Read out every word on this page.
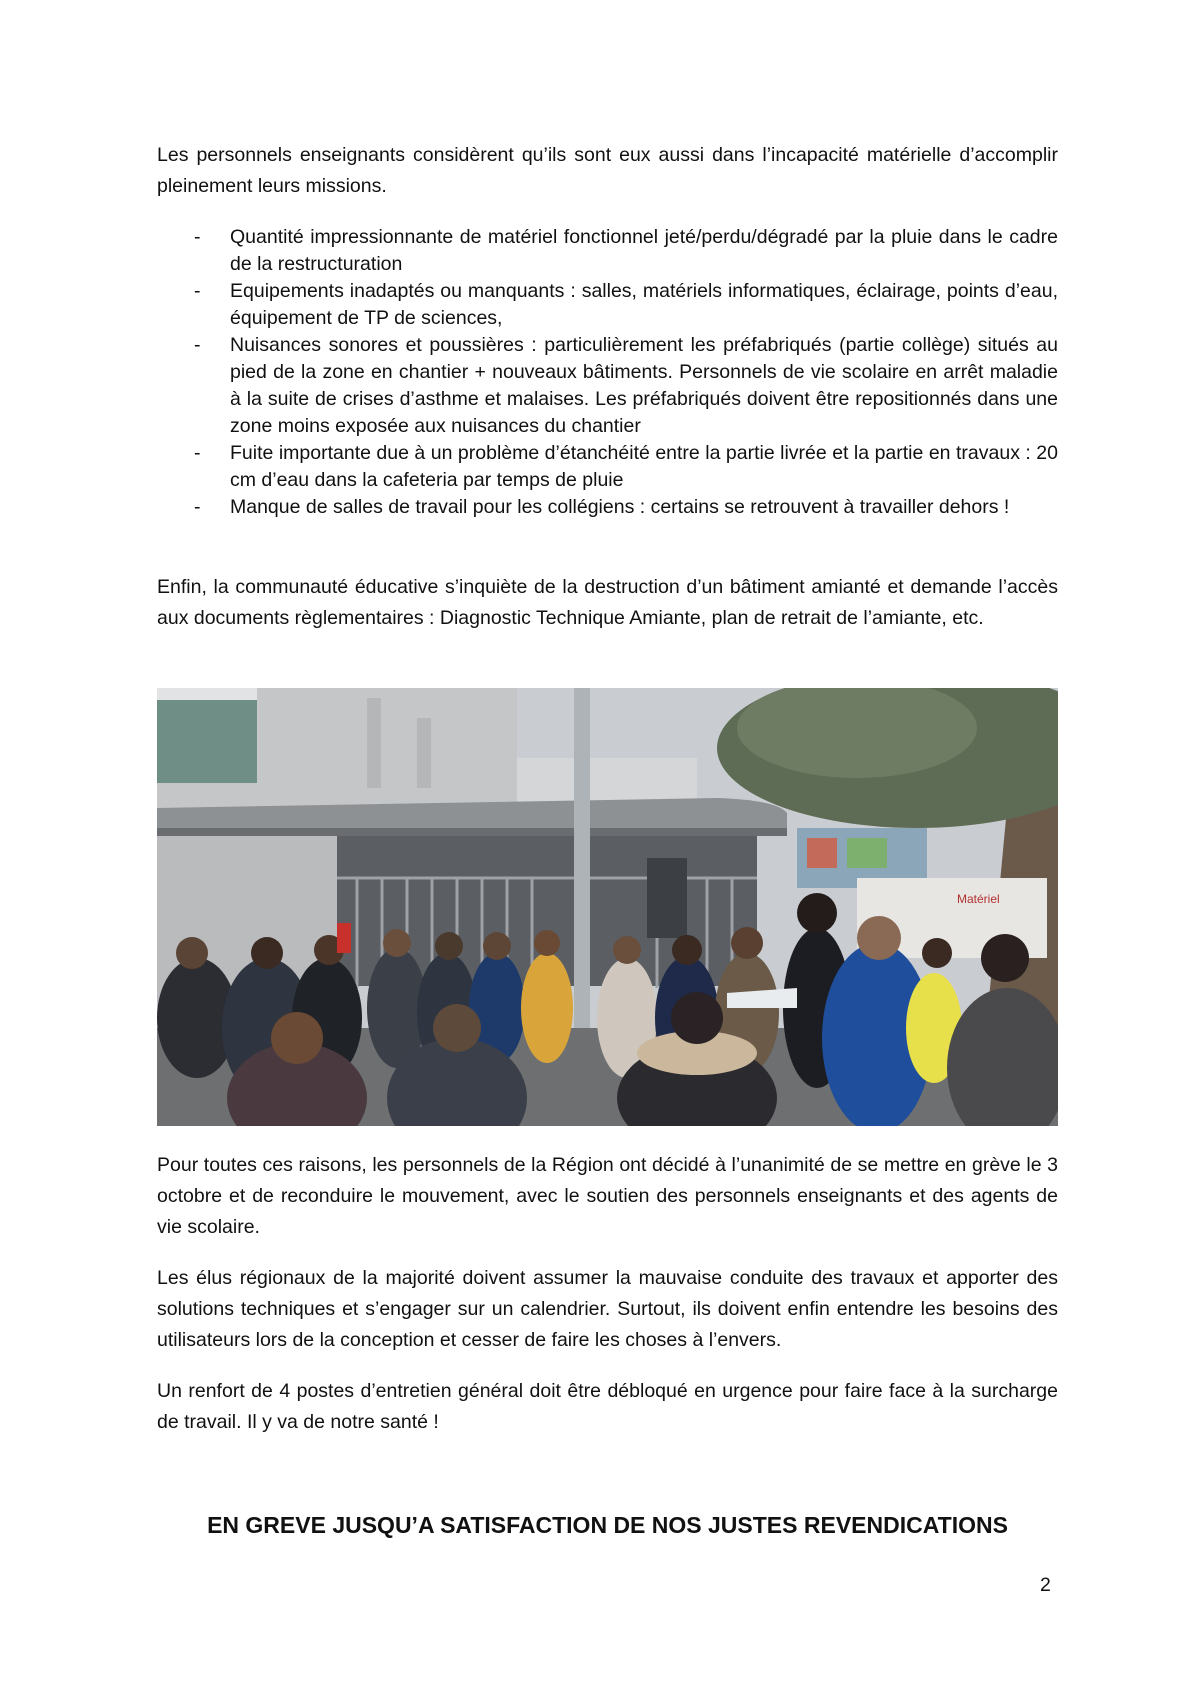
Les personnels enseignants considèrent qu’ils sont eux aussi dans l’incapacité matérielle d’accomplir pleinement leurs missions.

- Quantité impressionnante de matériel fonctionnel jeté/perdu/dégradé par la pluie dans le cadre de la restructuration
- Equipements inadaptés ou manquants : salles, matériels informatiques, éclairage, points d’eau, équipement de TP de sciences,
- Nuisances sonores et poussières : particulièrement les préfabriqués (partie collège) situés au pied de la zone en chantier + nouveaux bâtiments. Personnels de vie scolaire en arrêt maladie à la suite de crises d’asthme et malaises. Les préfabriqués doivent être repositionnés dans une zone moins exposée aux nuisances du chantier
- Fuite importante due à un problème d’étanchéité entre la partie livrée et la partie en travaux : 20 cm d’eau dans la cafeteria par temps de pluie
- Manque de salles de travail pour les collégiens : certains se retrouvent à travailler dehors !

Enfin, la communauté éducative s’inquiète de la destruction d’un bâtiment amianté et demande l’accès aux documents règlementaires : Diagnostic Technique Amiante, plan de retrait de l’amiante, etc.

Matériel

Pour toutes ces raisons, les personnels de la Région ont décidé à l’unanimité de se mettre en grève le 3 octobre et de reconduire le mouvement, avec le soutien des personnels enseignants et des agents de vie scolaire.

Les élus régionaux de la majorité doivent assumer la mauvaise conduite des travaux et apporter des solutions techniques et s’engager sur un calendrier. Surtout, ils doivent enfin entendre les besoins des utilisateurs lors de la conception et cesser de faire les choses à l’envers.

Un renfort de 4 postes d’entretien général doit être débloqué en urgence pour faire face à la surcharge de travail. Il y va de notre santé !

EN GREVE JUSQU’A SATISFACTION DE NOS JUSTES REVENDICATIONS
2
